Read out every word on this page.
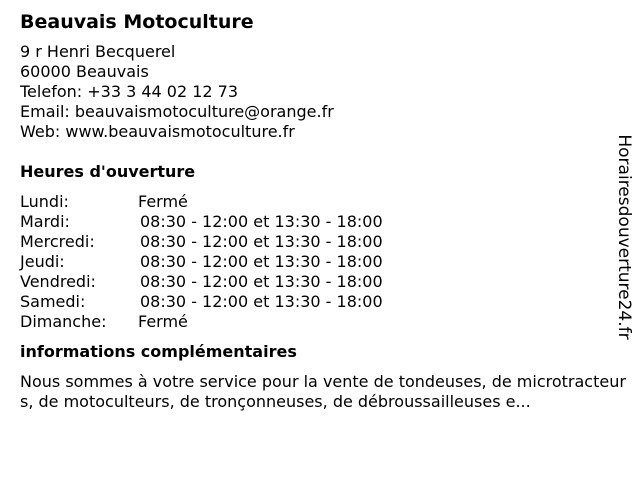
Beauvais Motoculture
9 r Henri Becquerel
60000 Beauvais
Telefon: +33 3 44 02 12 73
Email: beauvaismotoculture@orange.fr
Web: www.beauvaismotoculture.fr
Heures d'ouverture
Lundi:	Fermé
Mardi:	08:30 - 12:00 et 13:30 - 18:00
Mercredi:	08:30 - 12:00 et 13:30 - 18:00
Jeudi:	08:30 - 12:00 et 13:30 - 18:00
Vendredi:	08:30 - 12:00 et 13:30 - 18:00
Samedi:	08:30 - 12:00 et 13:30 - 18:00
Dimanche:	Fermé
informations complémentaires
Nous sommes à votre service pour la vente de tondeuses, de microtracteurs, de motoculteurs, de tronçonneuses, de débroussailleuses e...
Horairesdouverture24.fr
